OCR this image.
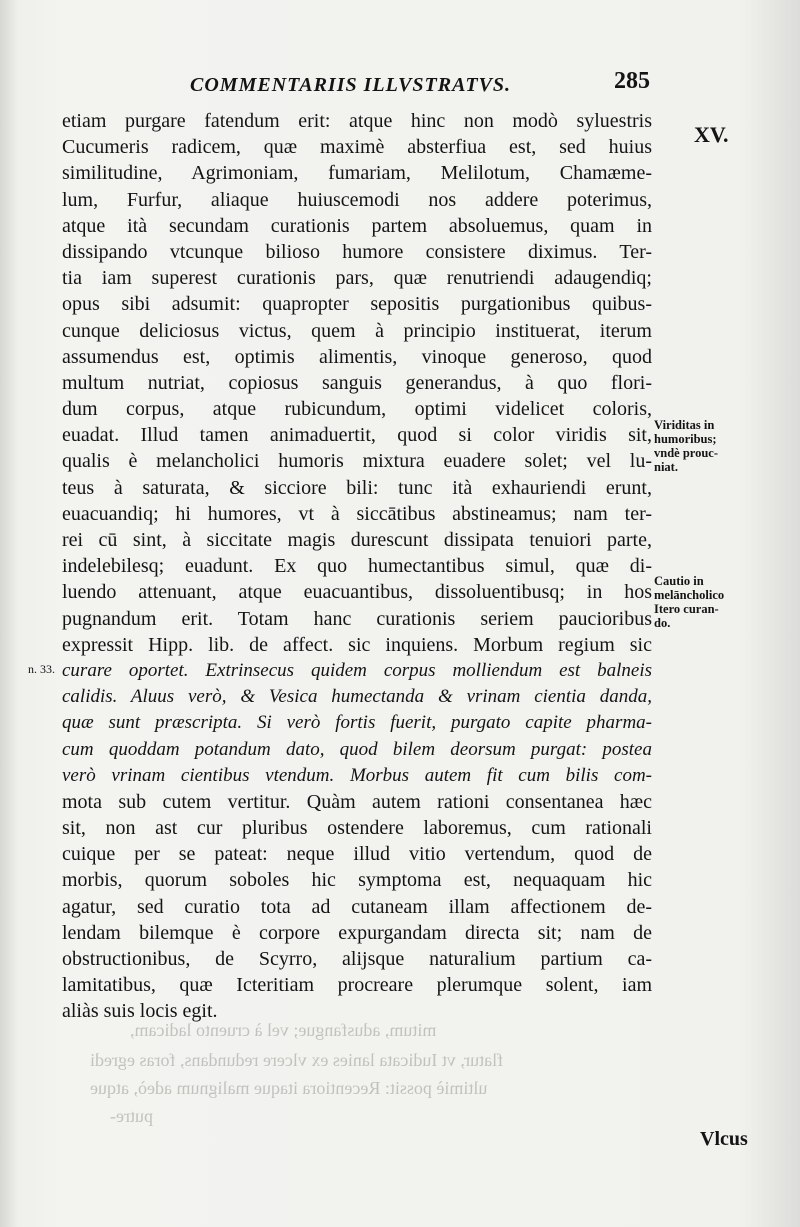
COMMENTARIIS ILLVSTRATVS.	285
XV.
etiam purgare fatendum erit: atque hinc non modò syluestris
Cucumeris radicem, quæ maximè absterfiua est, sed huius
similitudine, Agrimoniam, fumariam, Melilotum, Chamæme-
lum, Furfur, aliaque huiuscemodi nos addere poterimus,
atque ità secundam curationis partem absoluemus, quam in
dissipando vtcunque bilioso humore consistere diximus. Ter-
tia iam superest curationis pars, quæ renutriendi adaugendiq;
opus sibi adsumit: quapropter sepositis purgationibus quibus-
cunque deliciosus victus, quem à principio instituerat, iterum
assumendus est, optimis alimentis, vinoque generoso, quod
multum nutriat, copiosus sanguis generandus, à quo flori-
dum corpus, atque rubicundum, optimi videlicet coloris,
euadat. Illud tamen animaduertit, quod si color viridis sit,
qualis è melancholici humoris mixtura euadere solet; vel lu-
teus à saturata, & sicciore bili: tunc ità exhauriendi erunt,
euacuandiq; hi humores, vt à siccātibus abstineamus; nam ter-
rei cū sint, à siccitate magis durescunt dissipata tenuiori parte,
indelebilesq; euadunt. Ex quo humectantibus simul, quæ di-
luendo attenuant, atque euacuantibus, dissoluentibusq; in hos
pugnandum erit. Totam hanc curationis seriem paucioribus
expressit Hipp. lib. de affect. sic inquiens. Morbum regium sic
curare oportet. Extrinsecus quidem corpus molliendum est balneis
calidis. Aluus verò, & Vesica humectanda & vrinam cientia danda,
quæ sunt præscripta. Si verò fortis fuerit, purgato capite pharma-
cum quoddam potandum dato, quod bilem deorsum purgat: postea
verò vrinam cientibus vtendum. Morbus autem fit cum bilis com-
mota sub cutem vertitur. Quàm autem rationi consentanea hæc
sit, non ast cur pluribus ostendere laboremus, cum rationali
cuique per se pateat: neque illud vitio vertendum, quod de
morbis, quorum soboles hic symptoma est, nequaquam hic
agatur, sed curatio tota ad cutaneam illam affectionem de-
lendam bilemque è corpore expurgandam directa sit; nam de
obstructionibus, de Scyrro, alijsque naturalium partium ca-
lamitatibus, quæ Icteritiam procreare plerumque solent, iam
aliàs suis locis egit.
Viriditas in
humoribus;
vndè prouc-
niat.
Cautio in
melāncholico
Itero curan-
do.
n. 33.
mitum, adusfangue; vel à cruento ladicam,
flatur, vt Iudicata lanies ex vlcere redundans, foras egredi
ultimiè possit: Recentiora itaque malignum adeò, atque
putre-
Vlcus
